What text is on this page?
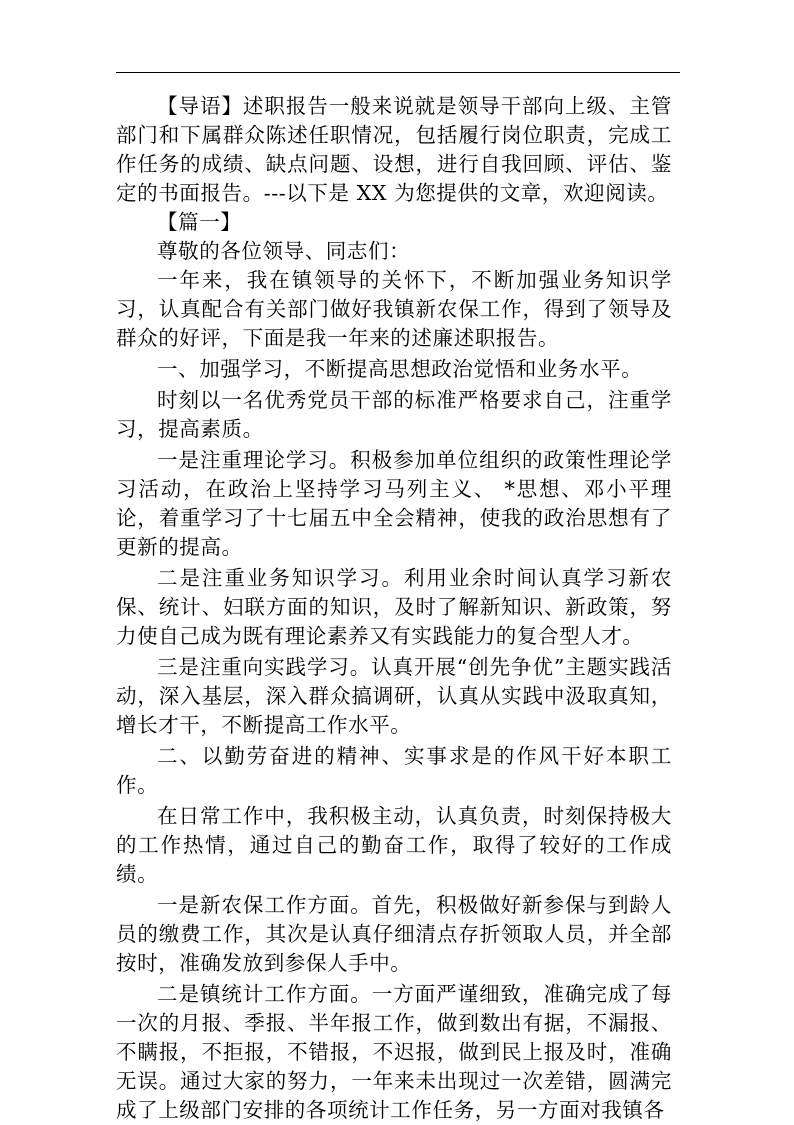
【导语】述职报告一般来说就是领导干部向上级、主管部门和下属群众陈述任职情况，包括履行岗位职责，完成工作任务的成绩、缺点问题、设想，进行自我回顾、评估、鉴定的书面报告。---以下是 XX 为您提供的文章，欢迎阅读。

【篇一】

尊敬的各位领导、同志们：

一年来，我在镇领导的关怀下，不断加强业务知识学习，认真配合有关部门做好我镇新农保工作，得到了领导及群众的好评，下面是我一年来的述廉述职报告。

一、加强学习，不断提高思想政治觉悟和业务水平。

时刻以一名优秀党员干部的标准严格要求自己，注重学习，提高素质。

一是注重理论学习。积极参加单位组织的政策性理论学习活动，在政治上坚持学习马列主义、 *思想、邓小平理论，着重学习了十七届五中全会精神，使我的政治思想有了更新的提高。

二是注重业务知识学习。利用业余时间认真学习新农保、统计、妇联方面的知识，及时了解新知识、新政策，努力使自己成为既有理论素养又有实践能力的复合型人才。

三是注重向实践学习。认真开展“创先争优”主题实践活动，深入基层，深入群众搞调研，认真从实践中汲取真知，增长才干，不断提高工作水平。

二、以勤劳奋进的精神、实事求是的作风干好本职工作。

在日常工作中，我积极主动，认真负责，时刻保持极大的工作热情，通过自己的勤奋工作，取得了较好的工作成绩。

一是新农保工作方面。首先，积极做好新参保与到龄人员的缴费工作，其次是认真仔细清点存折领取人员，并全部按时，准确发放到参保人手中。

二是镇统计工作方面。一方面严谨细致，准确完成了每一次的月报、季报、半年报工作，做到数出有据，不漏报、不瞒报，不拒报，不错报，不迟报，做到民上报及时，准确无误。通过大家的努力，一年来未出现过一次差错，圆满完成了上级部门安排的各项统计工作任务，另一方面对我镇各
